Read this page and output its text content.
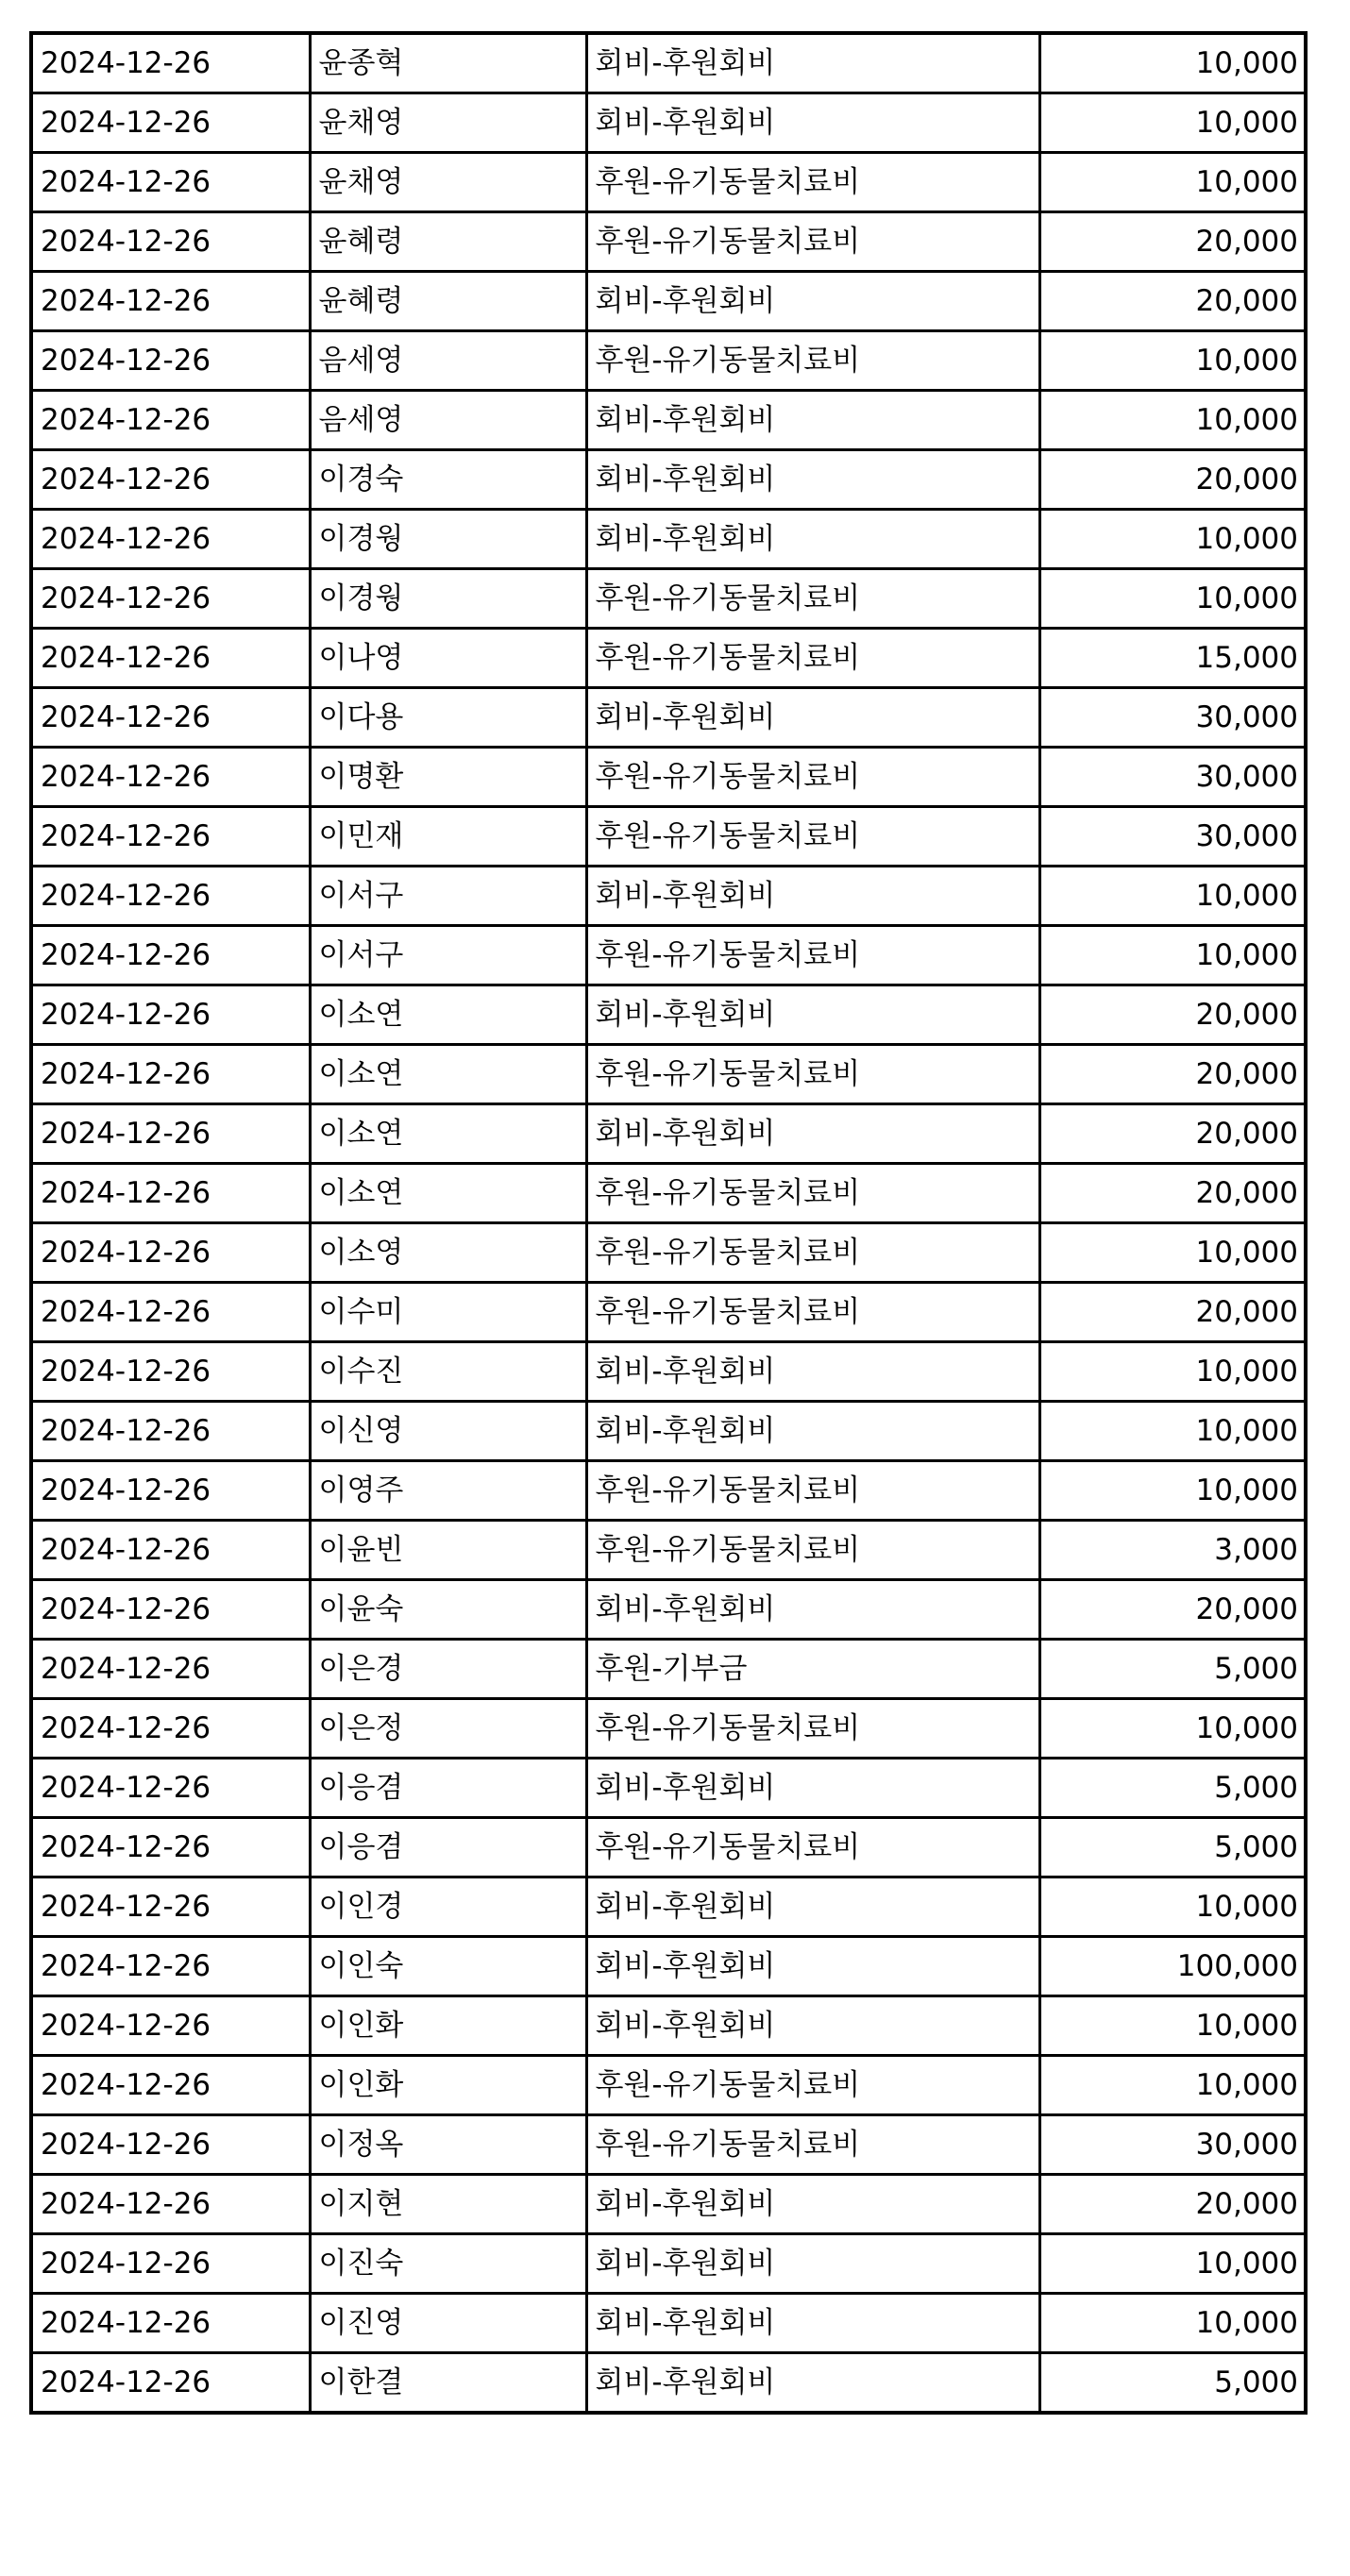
2024-12-26	윤종혁	회비-후원회비	10,000
2024-12-26	윤채영	회비-후원회비	10,000
2024-12-26	윤채영	후원-유기동물치료비	10,000
2024-12-26	윤혜령	후원-유기동물치료비	20,000
2024-12-26	윤혜령	회비-후원회비	20,000
2024-12-26	음세영	후원-유기동물치료비	10,000
2024-12-26	음세영	회비-후원회비	10,000
2024-12-26	이경숙	회비-후원회비	20,000
2024-12-26	이경웡	회비-후원회비	10,000
2024-12-26	이경웡	후원-유기동물치료비	10,000
2024-12-26	이나영	후원-유기동물치료비	15,000
2024-12-26	이다용	회비-후원회비	30,000
2024-12-26	이명환	후원-유기동물치료비	30,000
2024-12-26	이민재	후원-유기동물치료비	30,000
2024-12-26	이서구	회비-후원회비	10,000
2024-12-26	이서구	후원-유기동물치료비	10,000
2024-12-26	이소연	회비-후원회비	20,000
2024-12-26	이소연	후원-유기동물치료비	20,000
2024-12-26	이소연	회비-후원회비	20,000
2024-12-26	이소연	후원-유기동물치료비	20,000
2024-12-26	이소영	후원-유기동물치료비	10,000
2024-12-26	이수미	후원-유기동물치료비	20,000
2024-12-26	이수진	회비-후원회비	10,000
2024-12-26	이신영	회비-후원회비	10,000
2024-12-26	이영주	후원-유기동물치료비	10,000
2024-12-26	이윤빈	후원-유기동물치료비	3,000
2024-12-26	이윤숙	회비-후원회비	20,000
2024-12-26	이은경	후원-기부금	5,000
2024-12-26	이은정	후원-유기동물치료비	10,000
2024-12-26	이응겸	회비-후원회비	5,000
2024-12-26	이응겸	후원-유기동물치료비	5,000
2024-12-26	이인경	회비-후원회비	10,000
2024-12-26	이인숙	회비-후원회비	100,000
2024-12-26	이인화	회비-후원회비	10,000
2024-12-26	이인화	후원-유기동물치료비	10,000
2024-12-26	이정옥	후원-유기동물치료비	30,000
2024-12-26	이지현	회비-후원회비	20,000
2024-12-26	이진숙	회비-후원회비	10,000
2024-12-26	이진영	회비-후원회비	10,000
2024-12-26	이한결	회비-후원회비	5,000
